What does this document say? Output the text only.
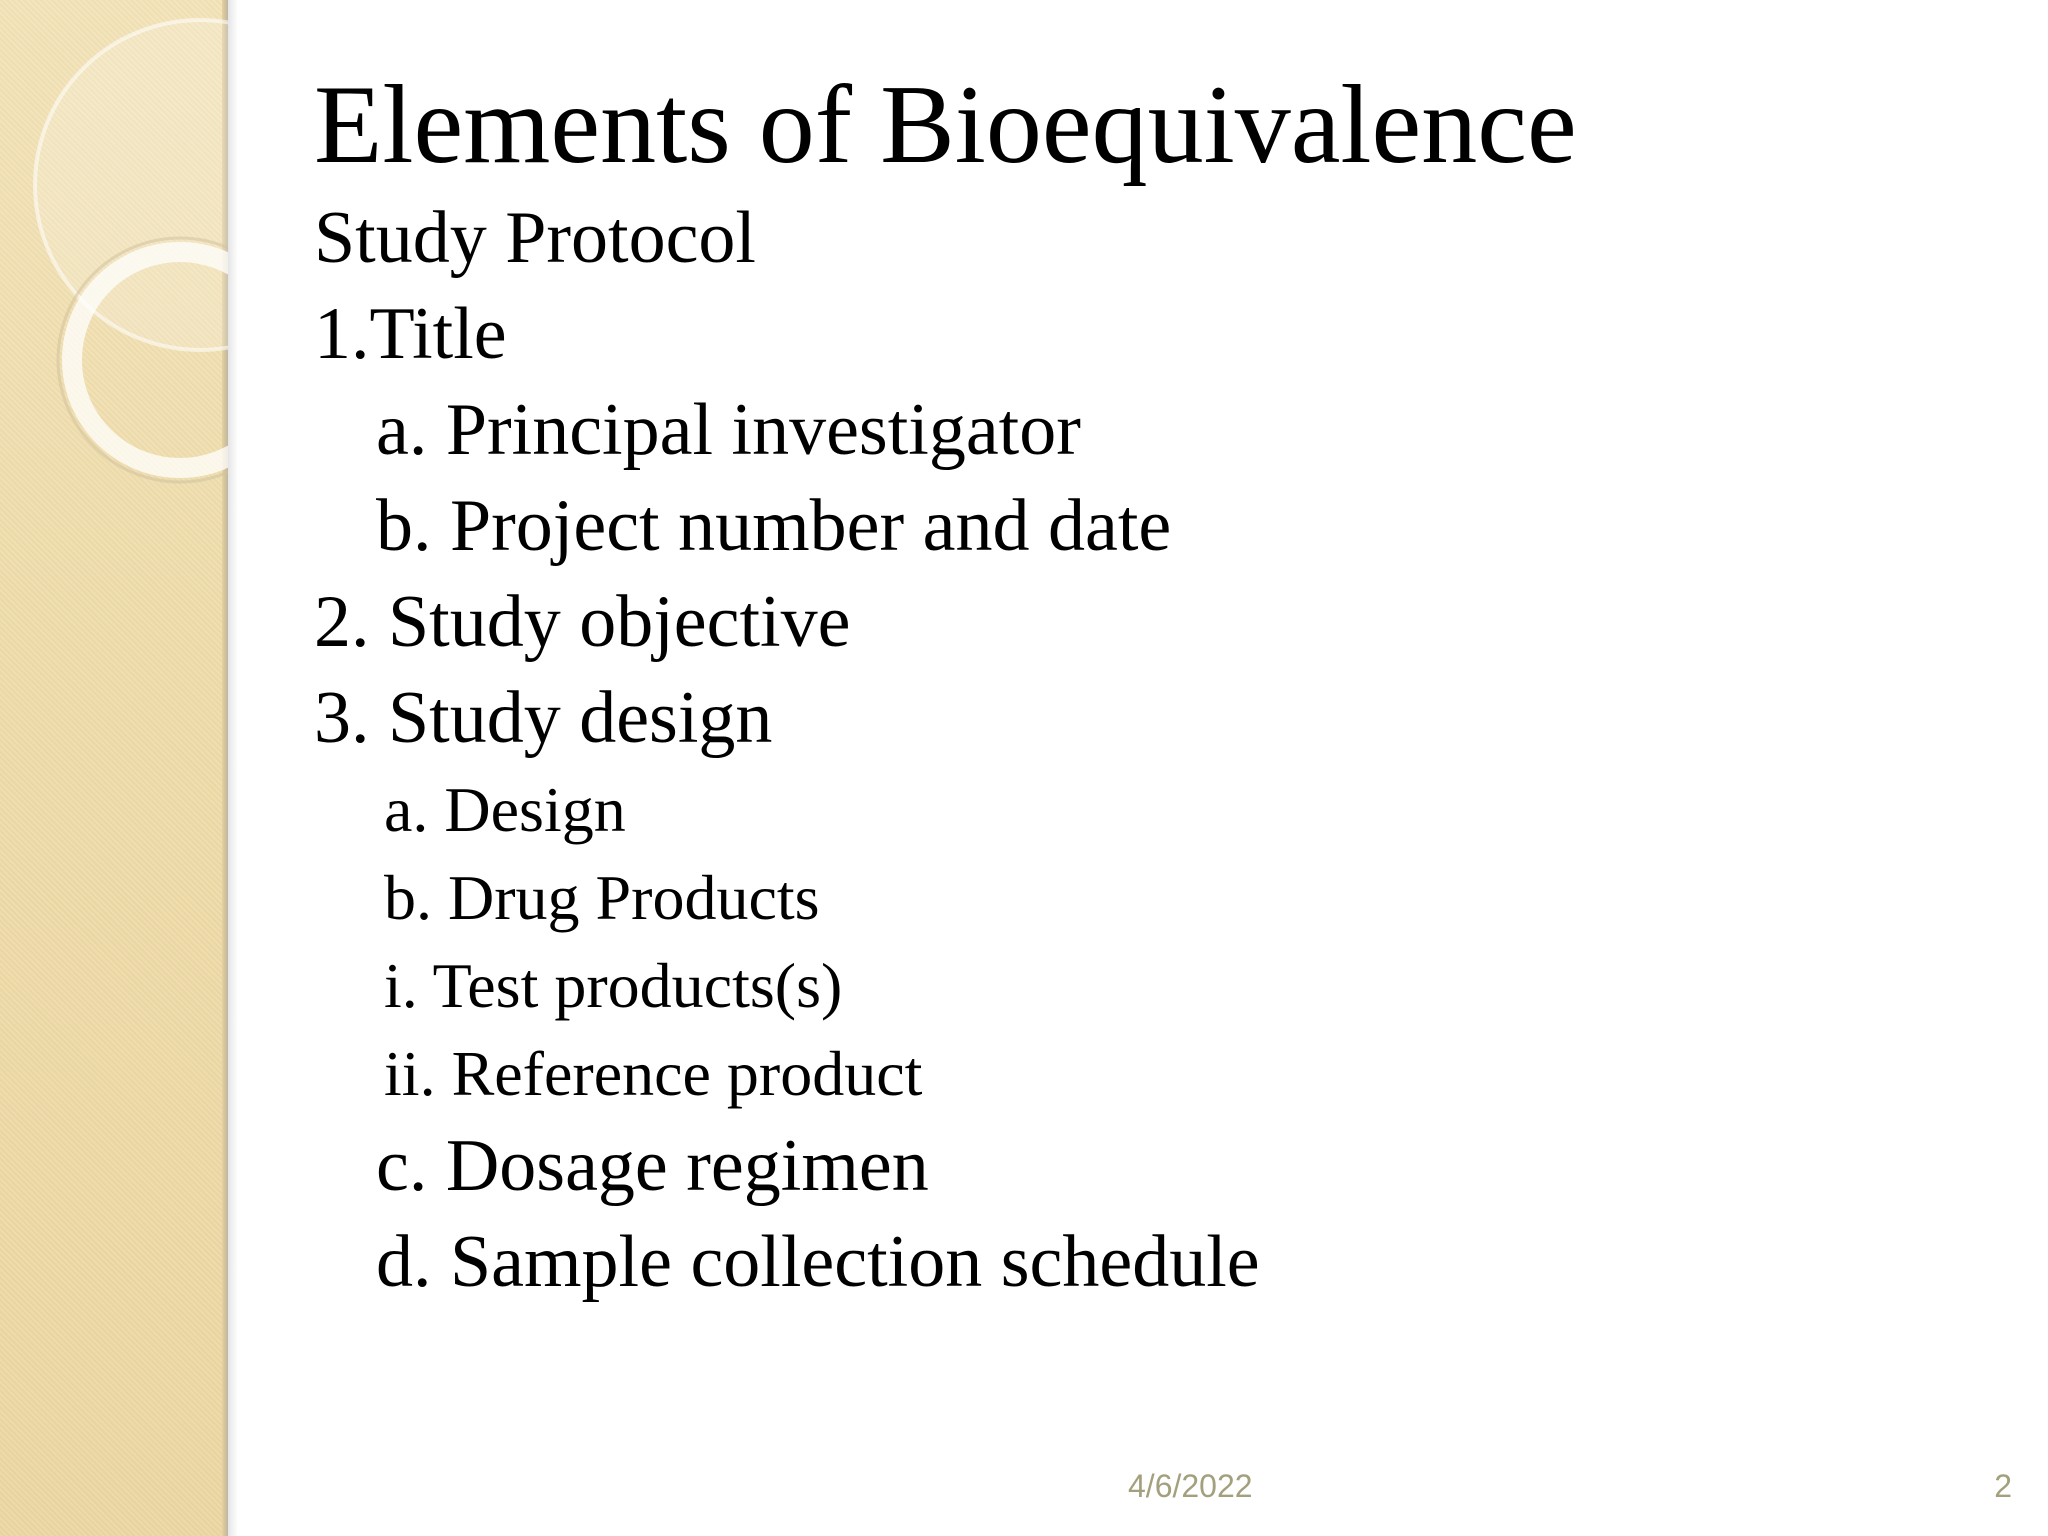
Elements of Bioequivalence

Study Protocol

1.Title

a. Principal investigator

b. Project number and date

2. Study objective

3. Study design

a. Design

b. Drug Products

i. Test products(s)

ii. Reference product

c. Dosage regimen

d. Sample collection schedule

4/6/2022	2
